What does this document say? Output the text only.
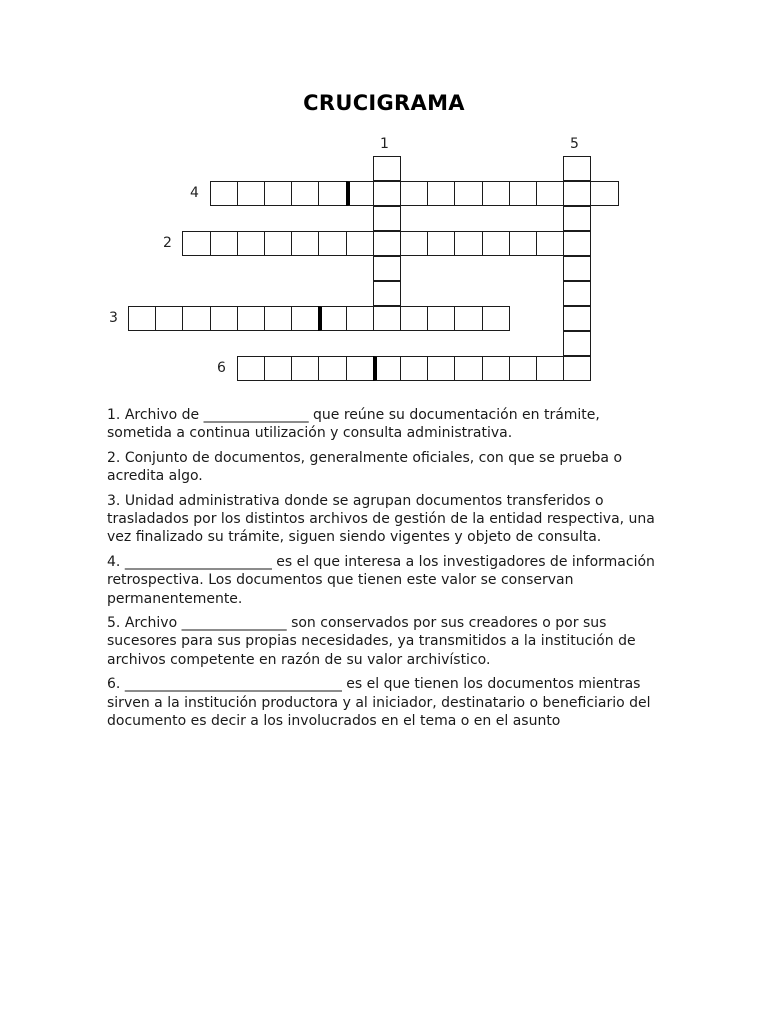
CRUCIGRAMA
1	5
4
2
3
6

1. Archivo de _______________ que reúne su documentación en trámite, sometida a continua utilización y consulta administrativa.

2. Conjunto de documentos, generalmente oficiales, con que se prueba o acredita algo.

3. Unidad administrativa donde se agrupan documentos transferidos o trasladados por los distintos archivos de gestión de la entidad respectiva, una vez finalizado su trámite, siguen siendo vigentes y objeto de consulta.

4. _____________________ es el que interesa a los investigadores de información retrospectiva. Los documentos que tienen este valor se conservan permanentemente.

5. Archivo _______________ son conservados por sus creadores o por sus sucesores para sus propias necesidades, ya transmitidos a la institución de archivos competente en razón de su valor archivístico.

6. _______________________________ es el que tienen los documentos mientras sirven a la institución productora y al iniciador, destinatario o beneficiario del documento es decir a los involucrados en el tema o en el asunto
